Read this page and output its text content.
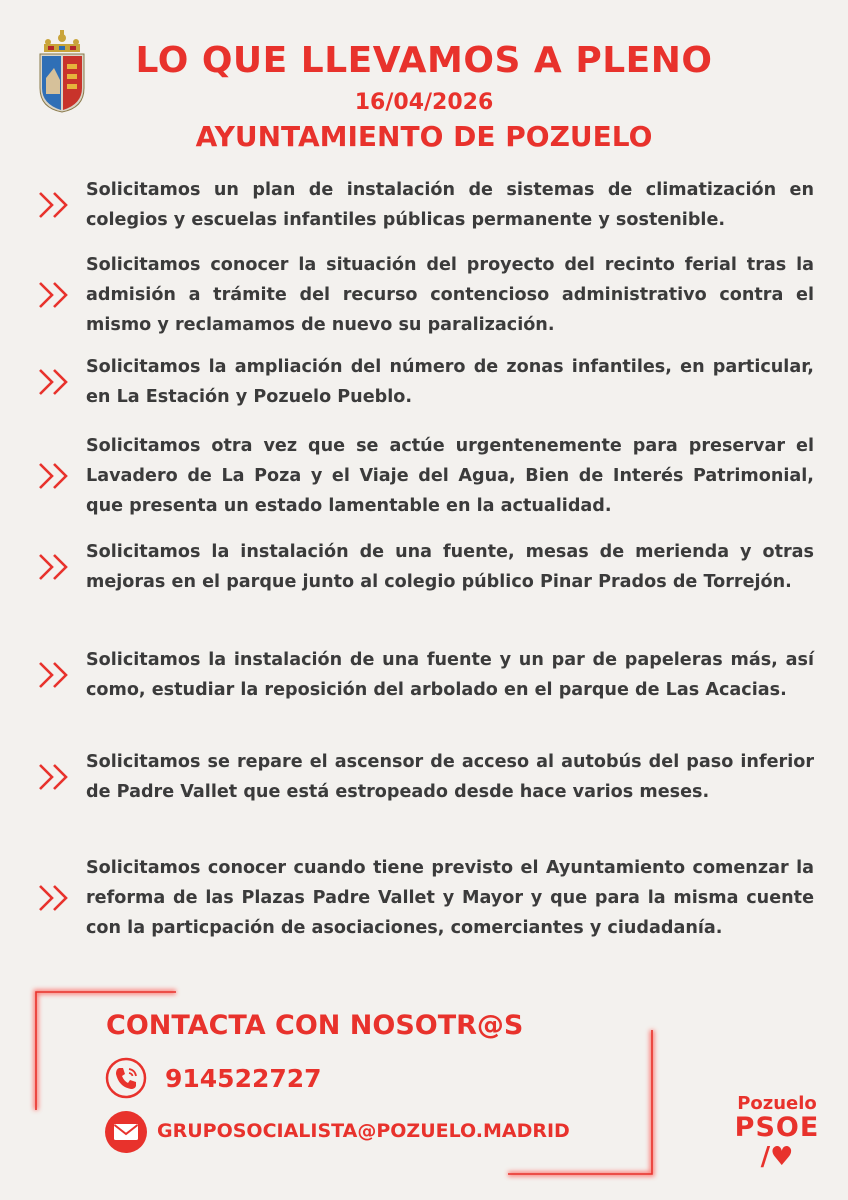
LO QUE LLEVAMOS A PLENO
16/04/2026
AYUNTAMIENTO DE POZUELO
Solicitamos un plan de instalación de sistemas de climatización en colegios y escuelas infantiles públicas permanente y sostenible.
Solicitamos conocer la situación del proyecto del recinto ferial tras la admisión a trámite del recurso contencioso administrativo contra el mismo y reclamamos de nuevo su paralización.
Solicitamos la ampliación del número de zonas infantiles, en particular, en La Estación y Pozuelo Pueblo.
Solicitamos otra vez que se actúe urgentenemente para preservar el Lavadero de La Poza y el Viaje del Agua, Bien de Interés Patrimonial, que presenta un estado lamentable en la actualidad.
Solicitamos la instalación de una fuente, mesas de merienda y otras mejoras en el parque junto al colegio público Pinar Prados de Torrejón.
Solicitamos la instalación de una fuente y un par de papeleras más, así como, estudiar la reposición del arbolado en el parque de Las Acacias.
Solicitamos se repare el ascensor de acceso al autobús del paso inferior de Padre Vallet que está estropeado desde hace varios meses.
Solicitamos conocer cuando tiene previsto el Ayuntamiento comenzar la reforma de las Plazas Padre Vallet y Mayor y que para la misma cuente con la particpación de asociaciones, comerciantes y ciudadanía.
CONTACTA CON NOSOTR@S
914522727
GRUPOSOCIALISTA@POZUELO.MADRID
Pozuelo
PSOE
/♥
